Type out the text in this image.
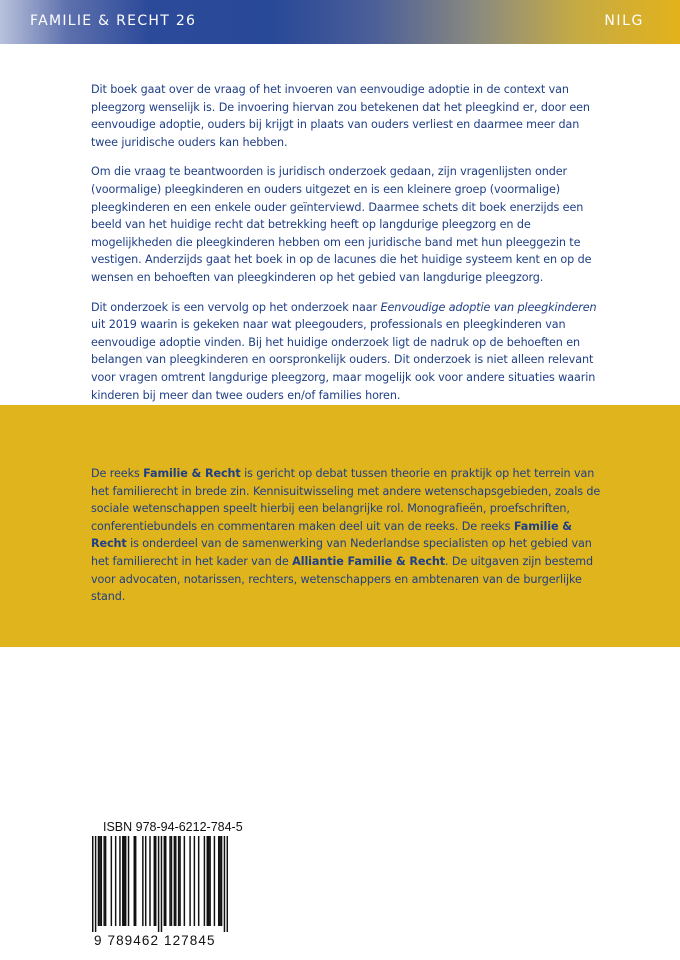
FAMILIE & RECHT 26	NILG

Dit boek gaat over de vraag of het invoeren van eenvoudige adoptie in de context van pleegzorg wenselijk is. De invoering hiervan zou betekenen dat het pleegkind er, door een eenvoudige adoptie, ouders bij krijgt in plaats van ouders verliest en daarmee meer dan twee juridische ouders kan hebben.

Om die vraag te beantwoorden is juridisch onderzoek gedaan, zijn vragenlijsten onder (voormalige) pleegkinderen en ouders uitgezet en is een kleinere groep (voormalige) pleegkinderen en een enkele ouder geïnterviewd. Daarmee schets dit boek enerzijds een beeld van het huidige recht dat betrekking heeft op langdurige pleegzorg en de mogelijkheden die pleegkinderen hebben om een juridische band met hun pleeggezin te vestigen. Anderzijds gaat het boek in op de lacunes die het huidige systeem kent en op de wensen en behoeften van pleegkinderen op het gebied van langdurige pleegzorg.

Dit onderzoek is een vervolg op het onderzoek naar Eenvoudige adoptie van pleegkinderen uit 2019 waarin is gekeken naar wat pleegouders, professionals en pleegkinderen van eenvoudige adoptie vinden. Bij het huidige onderzoek ligt de nadruk op de behoeften en belangen van pleegkinderen en oorspronkelijk ouders. Dit onderzoek is niet alleen relevant voor vragen omtrent langdurige pleegzorg, maar mogelijk ook voor andere situaties waarin kinderen bij meer dan twee ouders en/of families horen.

De reeks Familie & Recht is gericht op debat tussen theorie en praktijk op het terrein van het familierecht in brede zin. Kennisuitwisseling met andere wetenschapsgebieden, zoals de sociale wetenschappen speelt hierbij een belangrijke rol. Monografieën, proefschriften, conferentiebundels en commentaren maken deel uit van de reeks. De reeks Familie & Recht is onderdeel van de samenwerking van Nederlandse specialisten op het gebied van het familierecht in het kader van de Alliantie Familie & Recht. De uitgaven zijn bestemd voor advocaten, notarissen, rechters, wetenschappers en ambtenaren van de burgerlijke stand.
ISBN 978-94-6212-784-5
9 789462 127845
